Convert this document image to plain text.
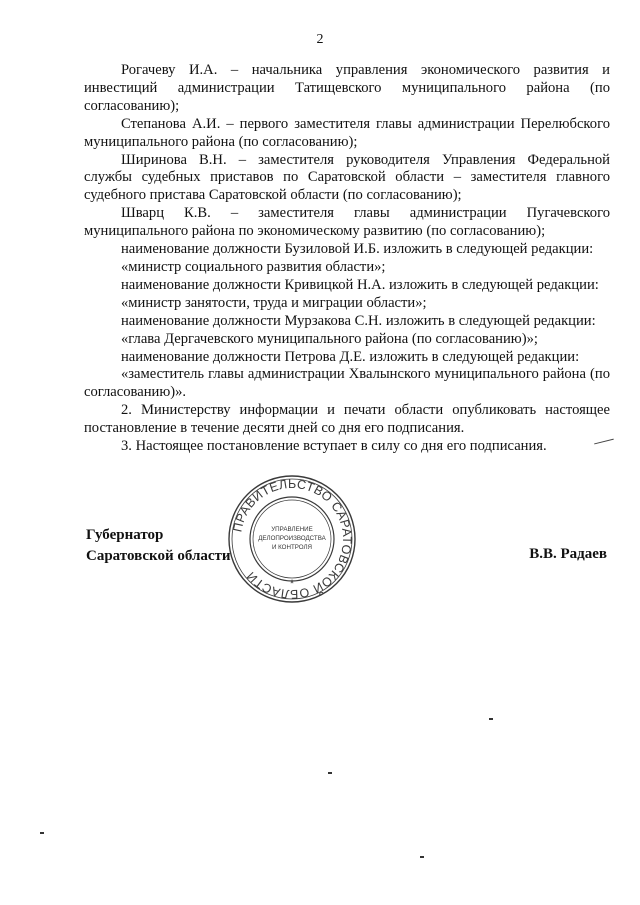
2

Рогачеву И.А. – начальника управления экономического развития и инвестиций администрации Татищевского муниципального района (по согласованию);

Степанова А.И. – первого заместителя главы администрации Перелюбского муниципального района (по согласованию);

Ширинова В.Н. – заместителя руководителя Управления Федеральной службы судебных приставов по Саратовской области – заместителя главного судебного пристава Саратовской области (по согласованию);

Шварц К.В. – заместителя главы администрации Пугачевского муниципального района по экономическому развитию (по согласованию);

наименование должности Бузиловой И.Б. изложить в следующей редакции:

«министр социального развития области»;

наименование должности Кривицкой Н.А. изложить в следующей редакции:

«министр занятости, труда и миграции области»;

наименование должности Мурзакова С.Н. изложить в следующей редакции:

«глава Дергачевского муниципального района (по согласованию)»;

наименование должности Петрова Д.Е. изложить в следующей редакции:

«заместитель главы администрации Хвалынского муниципального района (по согласованию)».

2. Министерству информации и печати области опубликовать настоящее постановление в течение десяти дней со дня его подписания.

3. Настоящее постановление вступает в силу со дня его подписания.

Губернатор
Саратовской области
ПРАВИТЕЛЬСТВО САРАТОВСКОЙ ОБЛАСТИ
УПРАВЛЕНИЕ
ДЕЛОПРОИЗВОДСТВА
И КОНТРОЛЯ
*
В.В. Радаев
